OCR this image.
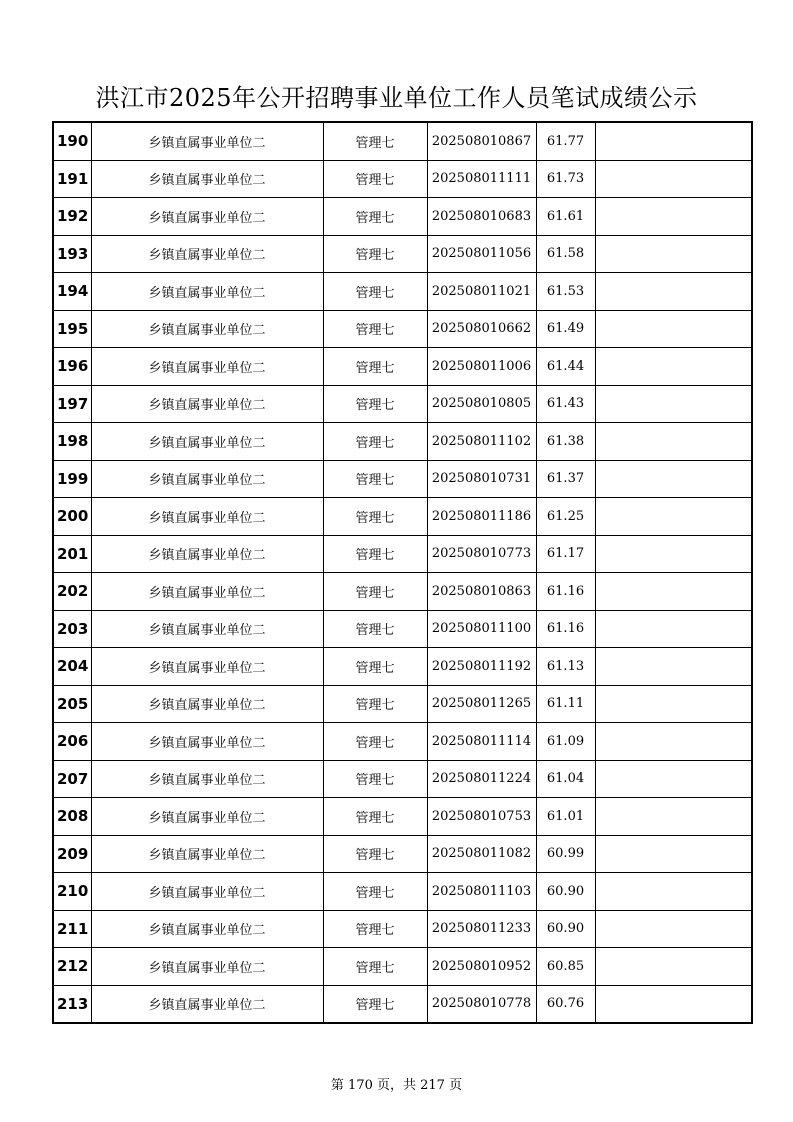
洪江市2025年公开招聘事业单位工作人员笔试成绩公示
190	乡镇直属事业单位二	管理七	202508010867	61.77	
191	乡镇直属事业单位二	管理七	202508011111	61.73	
192	乡镇直属事业单位二	管理七	202508010683	61.61	
193	乡镇直属事业单位二	管理七	202508011056	61.58	
194	乡镇直属事业单位二	管理七	202508011021	61.53	
195	乡镇直属事业单位二	管理七	202508010662	61.49	
196	乡镇直属事业单位二	管理七	202508011006	61.44	
197	乡镇直属事业单位二	管理七	202508010805	61.43	
198	乡镇直属事业单位二	管理七	202508011102	61.38	
199	乡镇直属事业单位二	管理七	202508010731	61.37	
200	乡镇直属事业单位二	管理七	202508011186	61.25	
201	乡镇直属事业单位二	管理七	202508010773	61.17	
202	乡镇直属事业单位二	管理七	202508010863	61.16	
203	乡镇直属事业单位二	管理七	202508011100	61.16	
204	乡镇直属事业单位二	管理七	202508011192	61.13	
205	乡镇直属事业单位二	管理七	202508011265	61.11	
206	乡镇直属事业单位二	管理七	202508011114	61.09	
207	乡镇直属事业单位二	管理七	202508011224	61.04	
208	乡镇直属事业单位二	管理七	202508010753	61.01	
209	乡镇直属事业单位二	管理七	202508011082	60.99	
210	乡镇直属事业单位二	管理七	202508011103	60.90	
211	乡镇直属事业单位二	管理七	202508011233	60.90	
212	乡镇直属事业单位二	管理七	202508010952	60.85	
213	乡镇直属事业单位二	管理七	202508010778	60.76	
第 170 页，共 217 页
